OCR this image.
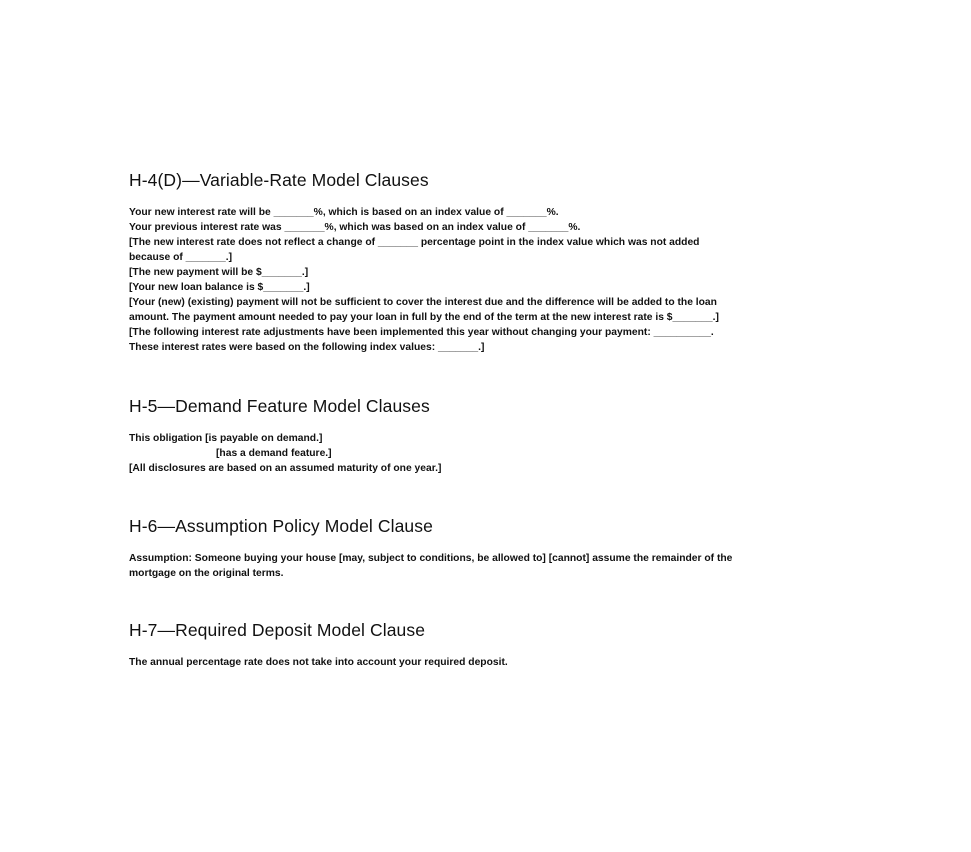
H-4(D)—Variable-Rate Model Clauses

Your new interest rate will be _______%, which is based on an index value of _______%.

Your previous interest rate was _______%, which was based on an index value of _______%.

[The new interest rate does not reflect a change of _______ percentage point in the index value which was not added

because of _______.]

[The new payment will be $_______.]

[Your new loan balance is $_______.]

[Your (new) (existing) payment will not be sufficient to cover the interest due and the difference will be added to the loan

amount. The payment amount needed to pay your loan in full by the end of the term at the new interest rate is $_______.]

[The following interest rate adjustments have been implemented this year without changing your payment: __________.

These interest rates were based on the following index values: _______.]

H-5—Demand Feature Model Clauses

This obligation [is payable on demand.]

[has a demand feature.]

[All disclosures are based on an assumed maturity of one year.]

H-6—Assumption Policy Model Clause

Assumption: Someone buying your house [may, subject to conditions, be allowed to] [cannot] assume the remainder of the

mortgage on the original terms.

H-7—Required Deposit Model Clause

The annual percentage rate does not take into account your required deposit.
